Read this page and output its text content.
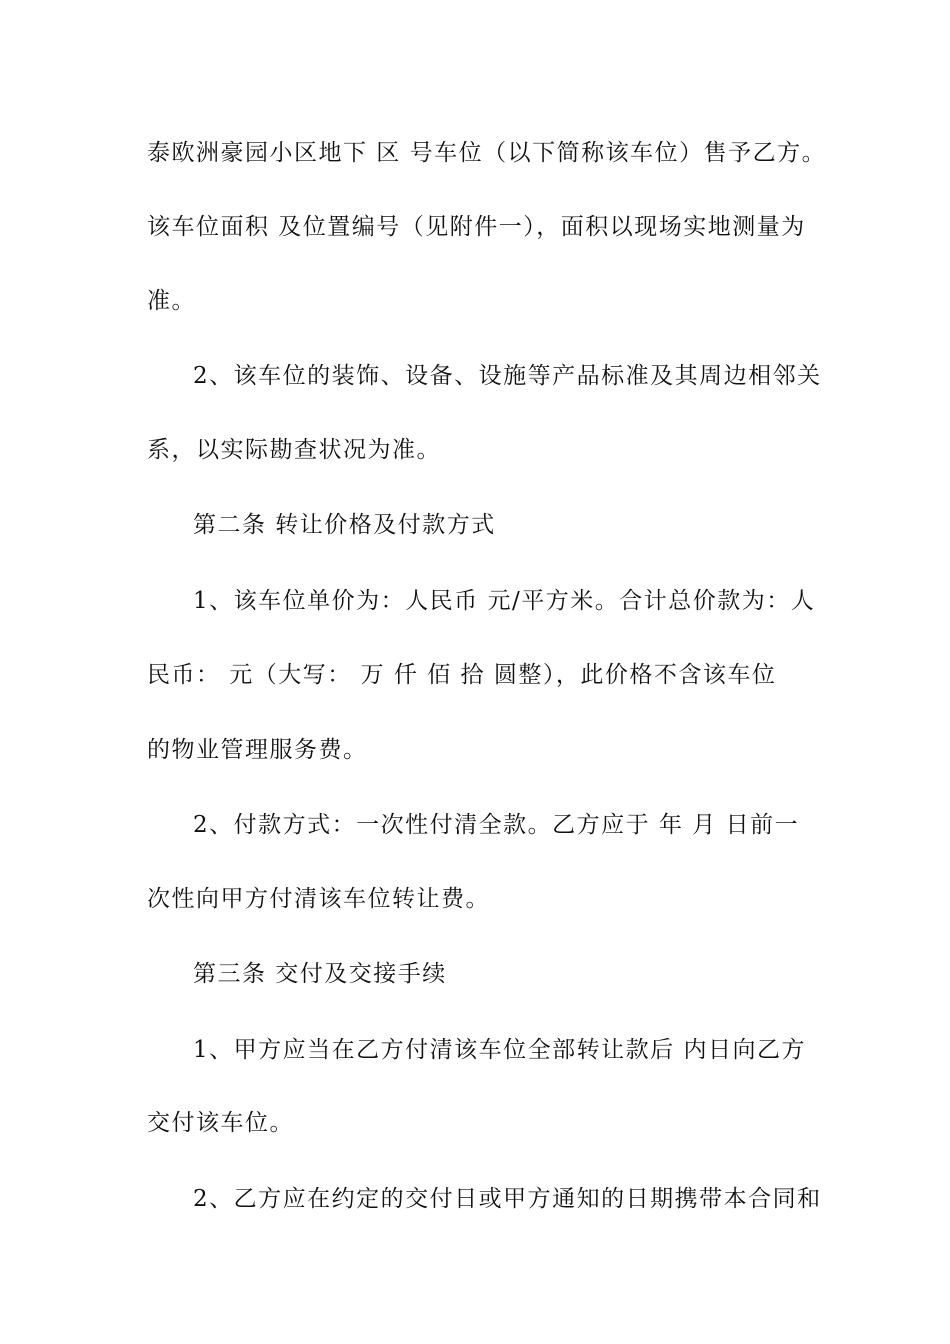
泰欧洲豪园小区地下 区 号车位（以下简称该车位）售予乙方。
该车位面积 及位置编号（见附件一），面积以现场实地测量为
准。
2、该车位的装饰、设备、设施等产品标准及其周边相邻关
系，以实际勘查状况为准。
第二条 转让价格及付款方式
1、该车位单价为：人民币 元/平方米。合计总价款为：人
民币： 元（大写： 万 仟 佰 拾 圆整），此价格不含该车位
的物业管理服务费。
2、付款方式：一次性付清全款。乙方应于 年 月 日前一
次性向甲方付清该车位转让费。
第三条 交付及交接手续
1、甲方应当在乙方付清该车位全部转让款后 内日向乙方
交付该车位。
2、乙方应在约定的交付日或甲方通知的日期携带本合同和
